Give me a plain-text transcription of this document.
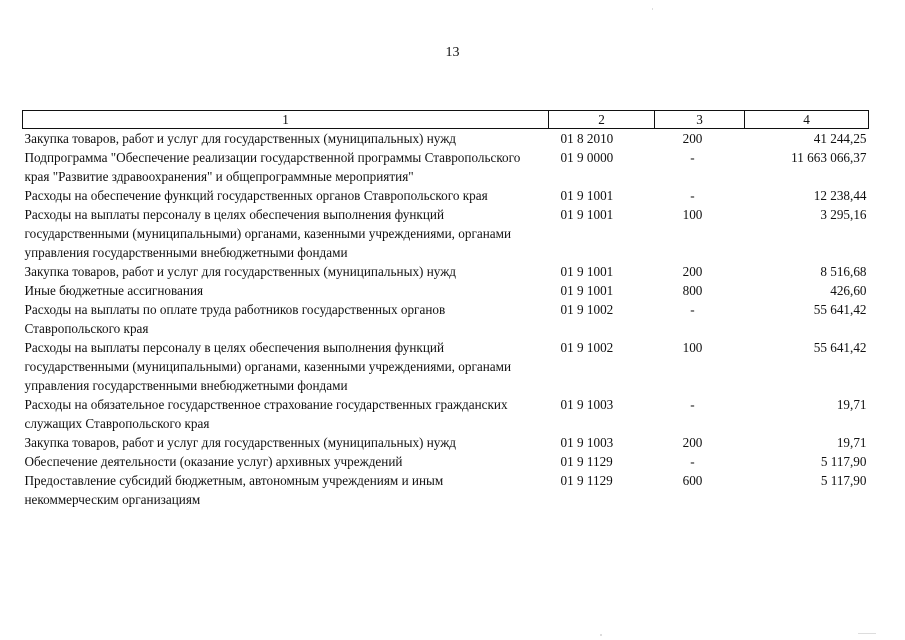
13
1	2	3	4
Закупка товаров, работ и услуг для государственных (муниципальных) нужд	01 8 2010	200	41 244,25
Подпрограмма "Обеспечение реализации государственной программы Ставропольского края "Развитие здравоохранения" и общепрограммные мероприятия"	01 9 0000	-	11 663 066,37
Расходы на обеспечение функций государственных органов Ставропольского края	01 9 1001	-	12 238,44
Расходы на выплаты персоналу в целях обеспечения выполнения функций государственными (муниципальными) органами, казенными учреждениями, органами управления государственными внебюджетными фондами	01 9 1001	100	3 295,16
Закупка товаров, работ и услуг для государственных (муниципальных) нужд	01 9 1001	200	8 516,68
Иные бюджетные ассигнования	01 9 1001	800	426,60
Расходы на выплаты по оплате труда работников государственных органов Ставропольского края	01 9 1002	-	55 641,42
Расходы на выплаты персоналу в целях обеспечения выполнения функций государственными (муниципальными) органами, казенными учреждениями, органами управления государственными внебюджетными фондами	01 9 1002	100	55 641,42
Расходы на обязательное государственное страхование государственных гражданских служащих Ставропольского края	01 9 1003	-	19,71
Закупка товаров, работ и услуг для государственных (муниципальных) нужд	01 9 1003	200	19,71
Обеспечение деятельности (оказание услуг) архивных учреждений	01 9 1129	-	5 117,90
Предоставление субсидий бюджетным, автономным учреждениям и иным некоммерческим организациям	01 9 1129	600	5 117,90
